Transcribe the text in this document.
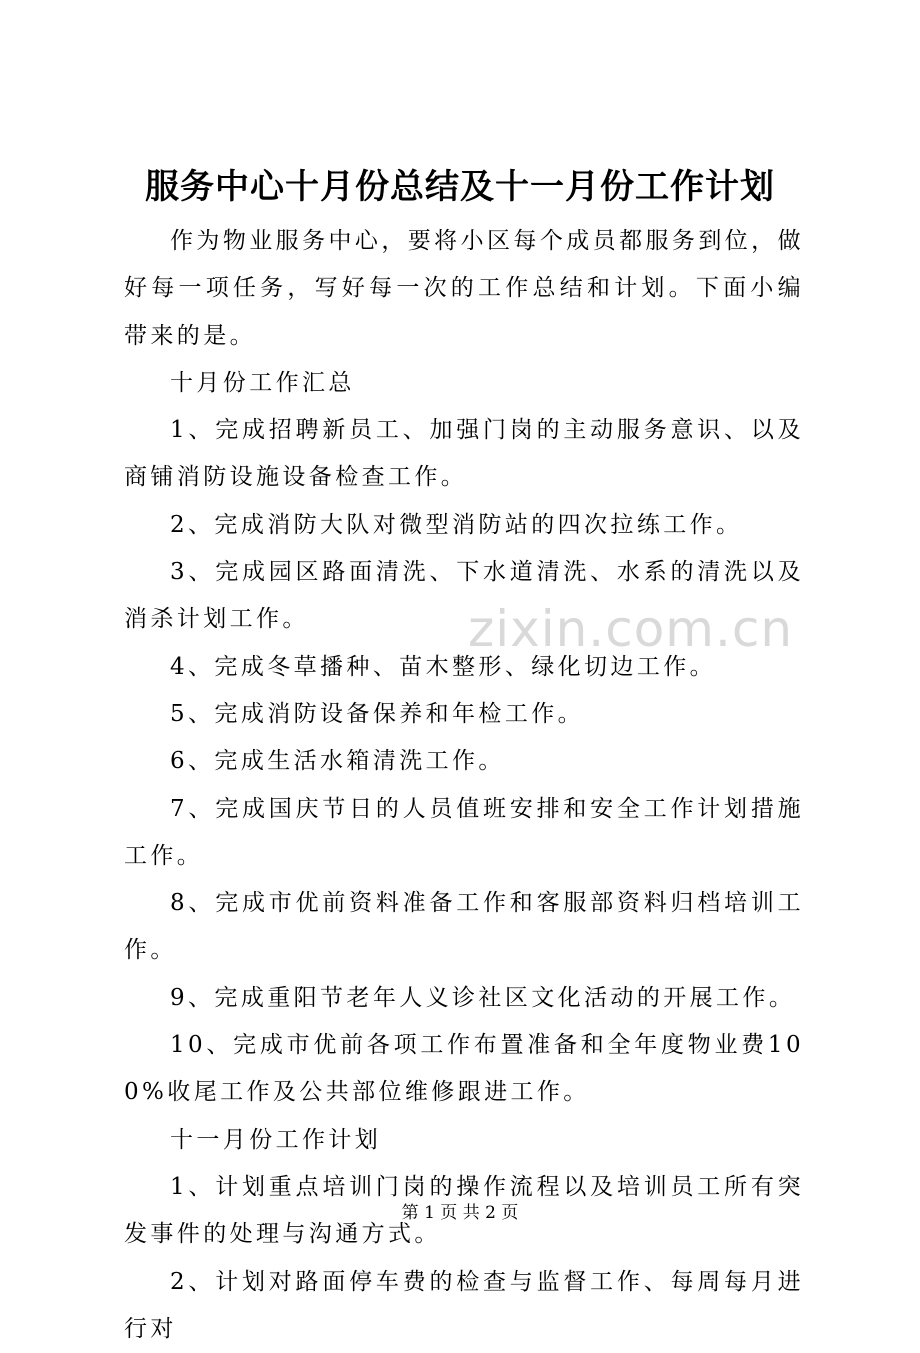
服务中心十月份总结及十一月份工作计划

作为物业服务中心，要将小区每个成员都服务到位，做好每一项任务，写好每一次的工作总结和计划。下面小编带来的是。

十月份工作汇总

1、完成招聘新员工、加强门岗的主动服务意识、以及商铺消防设施设备检查工作。

2、完成消防大队对微型消防站的四次拉练工作。

3、完成园区路面清洗、下水道清洗、水系的清洗以及消杀计划工作。

4、完成冬草播种、苗木整形、绿化切边工作。

5、完成消防设备保养和年检工作。

6、完成生活水箱清洗工作。

7、完成国庆节日的人员值班安排和安全工作计划措施工作。

8、完成市优前资料准备工作和客服部资料归档培训工作。

9、完成重阳节老年人义诊社区文化活动的开展工作。

10、完成市优前各项工作布置准备和全年度物业费100%收尾工作及公共部位维修跟进工作。

十一月份工作计划

1、计划重点培训门岗的操作流程以及培训员工所有突发事件的处理与沟通方式。

2、计划对路面停车费的检查与监督工作、每周每月进行对

zixin.com.cn
第 1 页 共 2 页
